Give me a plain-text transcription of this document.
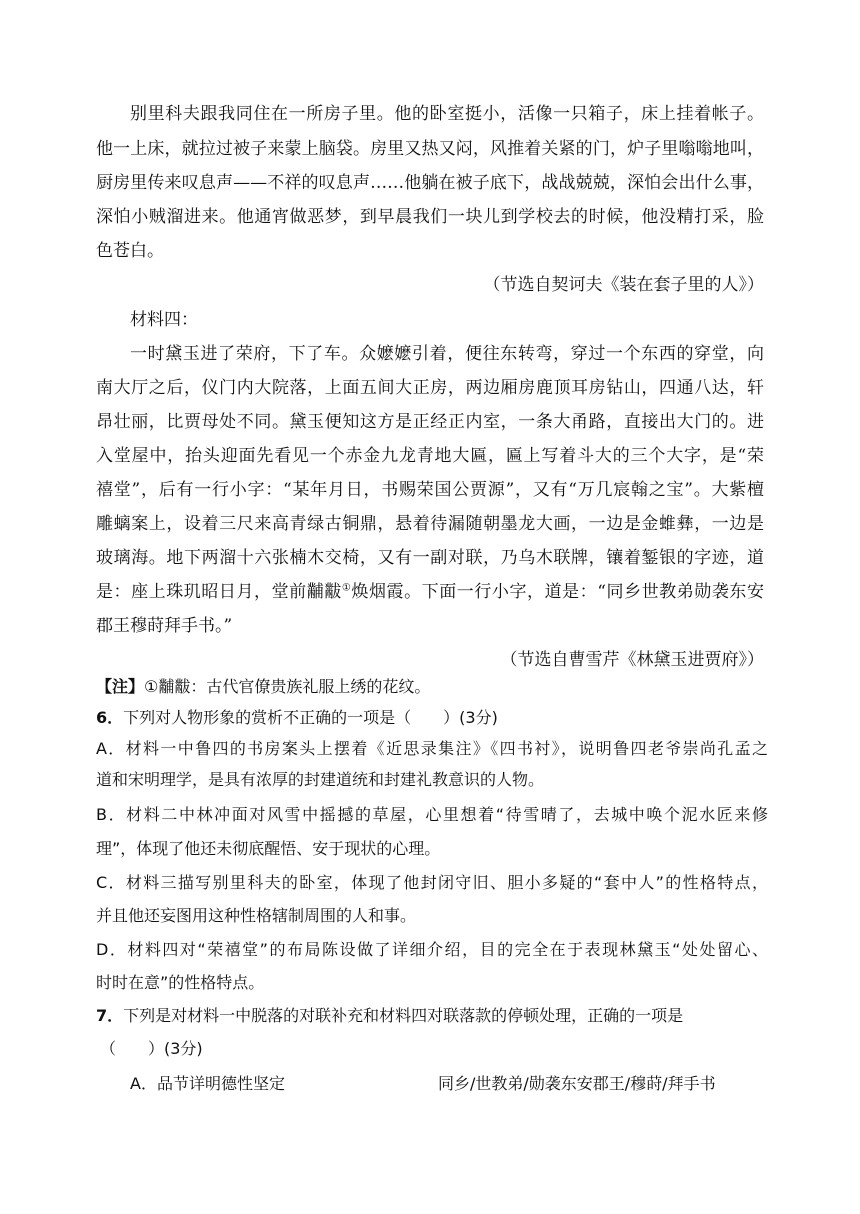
别里科夫跟我同住在一所房子里。他的卧室挺小，活像一只箱子，床上挂着帐子。
他一上床，就拉过被子来蒙上脑袋。房里又热又闷，风推着关紧的门，炉子里嗡嗡地叫，
厨房里传来叹息声——不祥的叹息声……他躺在被子底下，战战兢兢，深怕会出什么事，
深怕小贼溜进来。他通宵做恶梦，到早晨我们一块儿到学校去的时候，他没精打采，脸
色苍白。
（节选自契诃夫《装在套子里的人》）
材料四：
一时黛玉进了荣府，下了车。众嬷嬷引着，便往东转弯，穿过一个东西的穿堂，向
南大厅之后，仪门内大院落，上面五间大正房，两边厢房鹿顶耳房钻山，四通八达，轩
昂壮丽，比贾母处不同。黛玉便知这方是正经正内室，一条大甬路，直接出大门的。进
入堂屋中，抬头迎面先看见一个赤金九龙青地大匾，匾上写着斗大的三个大字，是“荣
禧堂”，后有一行小字：“某年月日，书赐荣国公贾源”，又有“万几宸翰之宝”。大紫檀
雕螭案上，设着三尺来高青绿古铜鼎，悬着待漏随朝墨龙大画，一边是金蜼彝，一边是
玻璃海。地下两溜十六张楠木交椅，又有一副对联，乃乌木联牌，镶着錾银的字迹，道
是：座上珠玑昭日月，堂前黼黻①焕烟霞。下面一行小字，道是：“同乡世教弟勋袭东安
郡王穆莳拜手书。”
（节选自曹雪芹《林黛玉进贾府》）
【注】①黼黻：古代官僚贵族礼服上绣的花纹。
6．下列对人物形象的赏析不正确的一项是（　　）(3分)
A．材料一中鲁四的书房案头上摆着《近思录集注》《四书衬》，说明鲁四老爷崇尚孔孟之
道和宋明理学，是具有浓厚的封建道统和封建礼教意识的人物。
B．材料二中林冲面对风雪中摇撼的草屋，心里想着“待雪晴了，去城中唤个泥水匠来修
理”，体现了他还未彻底醒悟、安于现状的心理。
C．材料三描写别里科夫的卧室，体现了他封闭守旧、胆小多疑的“套中人”的性格特点，
并且他还妄图用这种性格辖制周围的人和事。
D．材料四对“荣禧堂”的布局陈设做了详细介绍，目的完全在于表现林黛玉“处处留心、
时时在意”的性格特点。
7．下列是对材料一中脱落的对联补充和材料四对联落款的停顿处理，正确的一项是
（　　）(3分)
A．品节详明德性坚定	同乡/世教弟/勋袭东安郡王/穆莳/拜手书
